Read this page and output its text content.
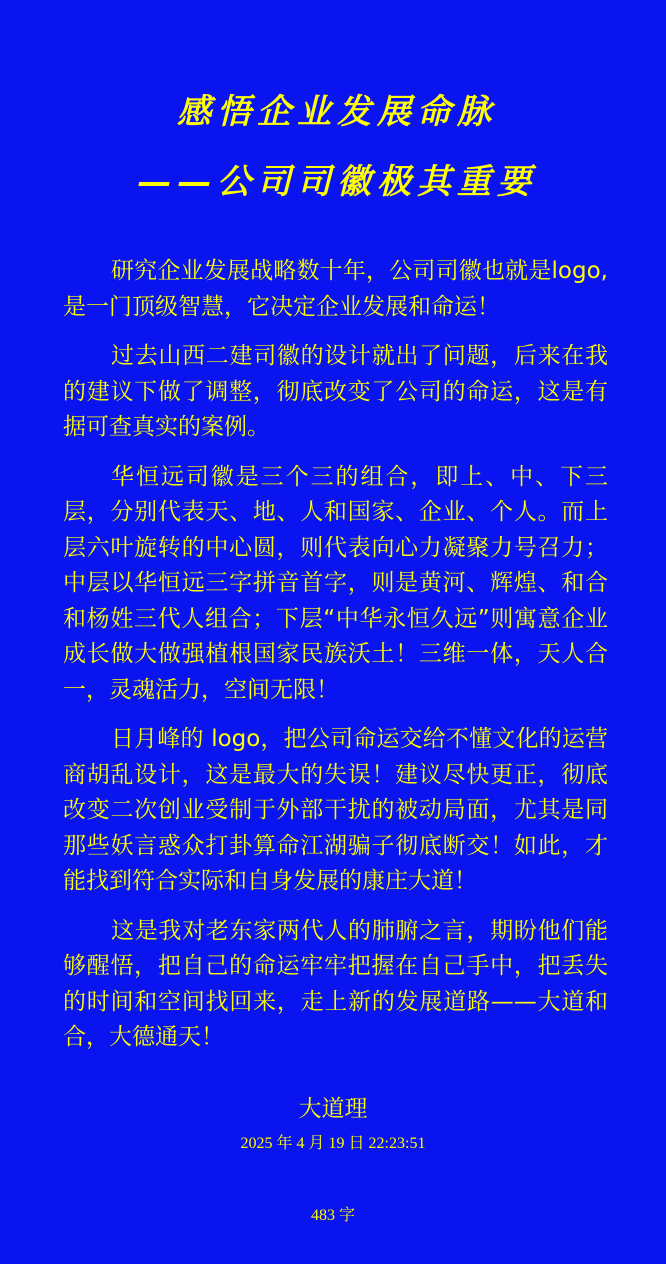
感悟企业发展命脉
——公司司徽极其重要

研究企业发展战略数十年，公司司徽也就是logo,是一门顶级智慧，它决定企业发展和命运！

过去山西二建司徽的设计就出了问题，后来在我的建议下做了调整，彻底改变了公司的命运，这是有据可查真实的案例。

华恒远司徽是三个三的组合，即上、中、下三层，分别代表天、地、人和国家、企业、个人。而上层六叶旋转的中心圆，则代表向心力凝聚力号召力；中层以华恒远三字拼音首字，则是黄河、辉煌、和合和杨姓三代人组合；下层“中华永恒久远”则寓意企业成长做大做强植根国家民族沃土！三维一体，天人合一，灵魂活力，空间无限！

日月峰的 logo，把公司命运交给不懂文化的运营商胡乱设计，这是最大的失误！建议尽快更正，彻底改变二次创业受制于外部干扰的被动局面，尤其是同那些妖言惑众打卦算命江湖骗子彻底断交！如此，才能找到符合实际和自身发展的康庄大道！

这是我对老东家两代人的肺腑之言，期盼他们能够醒悟，把自己的命运牢牢把握在自己手中，把丢失的时间和空间找回来，走上新的发展道路——大道和合，大德通天！

大道理
2025 年 4 月 19 日 22:23:51
483 字
